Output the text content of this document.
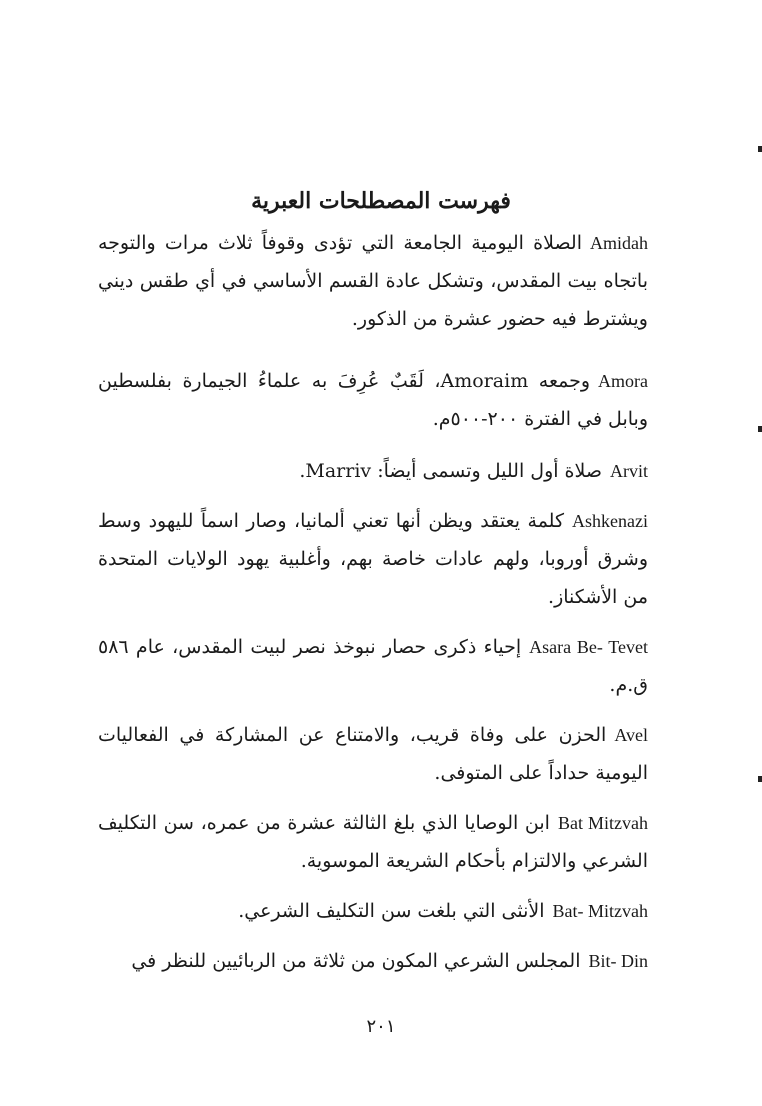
فهرست المصطلحات العبرية

Amidahالصلاة اليومية الجامعة التي تؤدى وقوفاً ثلاث مرات والتوجه باتجاه بيت المقدس، وتشكل عادة القسم الأساسي في أي طقس ديني ويشترط فيه حضور عشرة من الذكور.

Amoraوجمعه Amoraim، لَقَبٌ عُرِفَ به علماءُ الجيمارة بفلسطين وبابل في الفترة ٢٠٠-٥٠٠م.

Arvitصلاة أول الليل وتسمى أيضاً: Marriv.

Ashkenaziكلمة يعتقد ويظن أنها تعني ألمانيا، وصار اسماً لليهود وسط وشرق أوروبا، ولهم عادات خاصة بهم، وأغلبية يهود الولايات المتحدة من الأشكناز.

Asara Be- Tevetإحياء ذكرى حصار نبوخذ نصر لبيت المقدس، عام ٥٨٦ ق.م.

Avelالحزن على وفاة قريب، والامتناع عن المشاركة في الفعاليات اليومية حداداً على المتوفى.

Bat Mitzvahابن الوصايا الذي بلغ الثالثة عشرة من عمره، سن التكليف الشرعي والالتزام بأحكام الشريعة الموسوية.

Bat- Mitzvahالأنثى التي بلغت سن التكليف الشرعي.

Bit- Dinالمجلس الشرعي المكون من ثلاثة من الربائيين للنظر في

٢٠١
